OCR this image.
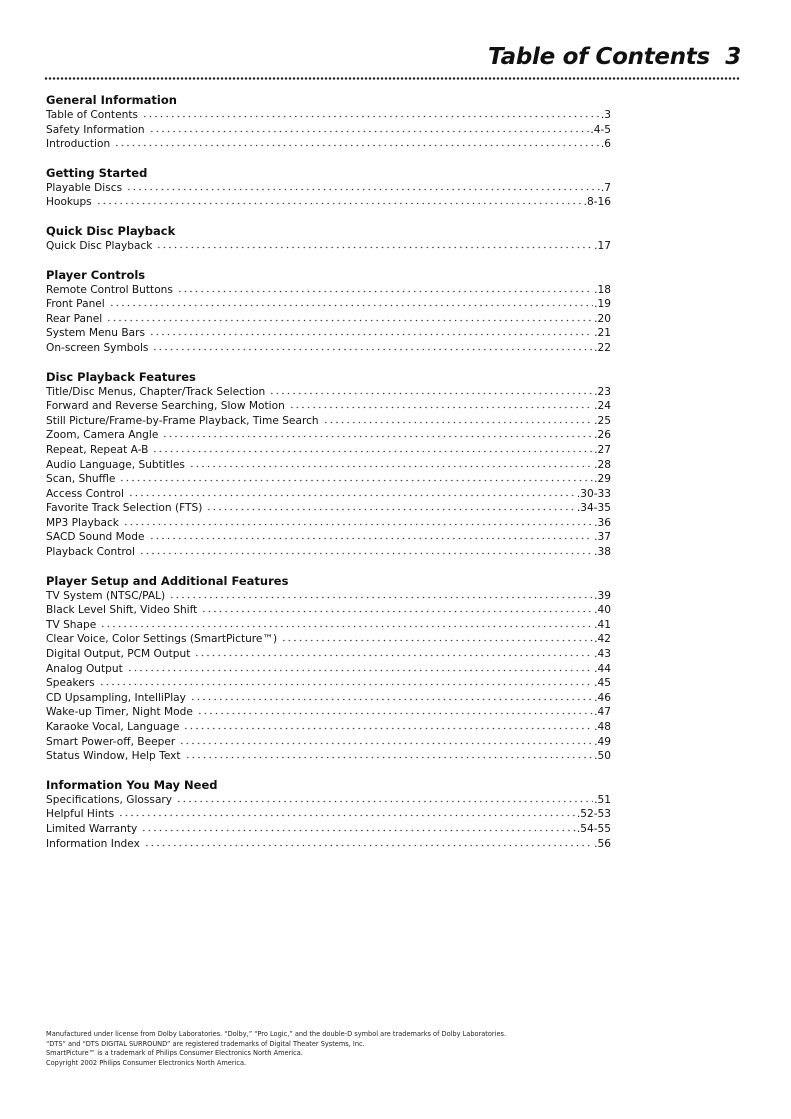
Table of Contents 3
General Information
Table of Contents	.3
Safety Information	.4-5
Introduction	.6
Getting Started
Playable Discs	.7
Hookups	.8-16
Quick Disc Playback
Quick Disc Playback	.17
Player Controls
Remote Control Buttons	.18
Front Panel	.19
Rear Panel	.20
System Menu Bars	.21
On-screen Symbols	.22
Disc Playback Features
Title/Disc Menus, Chapter/Track Selection	.23
Forward and Reverse Searching, Slow Motion	.24
Still Picture/Frame-by-Frame Playback, Time Search	.25
Zoom, Camera Angle	.26
Repeat, Repeat A-B	.27
Audio Language, Subtitles	.28
Scan, Shuffle	.29
Access Control	.30-33
Favorite Track Selection (FTS)	.34-35
MP3 Playback	.36
SACD Sound Mode	.37
Playback Control	.38
Player Setup and Additional Features
TV System (NTSC/PAL)	.39
Black Level Shift, Video Shift	.40
TV Shape	.41
Clear Voice, Color Settings (SmartPicture™)	.42
Digital Output, PCM Output	.43
Analog Output	.44
Speakers	.45
CD Upsampling, IntelliPlay	.46
Wake-up Timer, Night Mode	.47
Karaoke Vocal, Language	.48
Smart Power-off, Beeper	.49
Status Window, Help Text	.50
Information You May Need
Specifications, Glossary	.51
Helpful Hints	.52-53
Limited Warranty	.54-55
Information Index	.56
Manufactured under license from Dolby Laboratories. “Dolby,” “Pro Logic,” and the double-D symbol are trademarks of Dolby Laboratories.
“DTS” and “DTS DIGITAL SURROUND” are registered trademarks of Digital Theater Systems, Inc.
SmartPicture™ is a trademark of Philips Consumer Electronics North America.
Copyright 2002 Philips Consumer Electronics North America.
